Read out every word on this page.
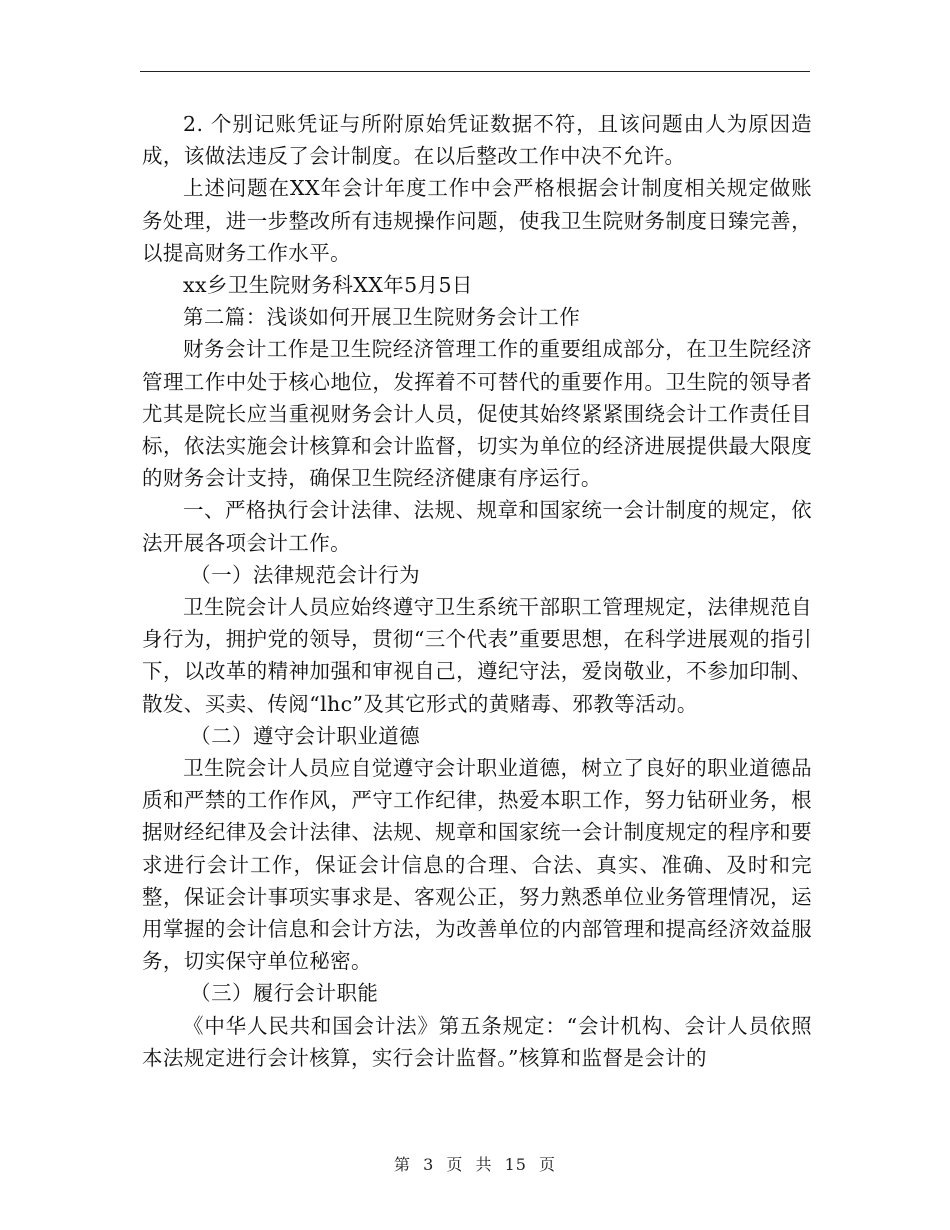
2. 个别记账凭证与所附原始凭证数据不符，且该问题由人为原因造成，该做法违反了会计制度。在以后整改工作中决不允许。

上述问题在XX年会计年度工作中会严格根据会计制度相关规定做账务处理，进一步整改所有违规操作问题，使我卫生院财务制度日臻完善，以提高财务工作水平。

xx乡卫生院财务科XX年5月5日

第二篇：浅谈如何开展卫生院财务会计工作

财务会计工作是卫生院经济管理工作的重要组成部分，在卫生院经济管理工作中处于核心地位，发挥着不可替代的重要作用。卫生院的领导者尤其是院长应当重视财务会计人员，促使其始终紧紧围绕会计工作责任目标，依法实施会计核算和会计监督，切实为单位的经济进展提供最大限度的财务会计支持，确保卫生院经济健康有序运行。

一、严格执行会计法律、法规、规章和国家统一会计制度的规定，依法开展各项会计工作。

（一）法律规范会计行为

卫生院会计人员应始终遵守卫生系统干部职工管理规定，法律规范自身行为，拥护党的领导，贯彻“三个代表”重要思想，在科学进展观的指引下，以改革的精神加强和审视自己，遵纪守法，爱岗敬业，不参加印制、散发、买卖、传阅“lhc”及其它形式的黄赌毒、邪教等活动。

（二）遵守会计职业道德

卫生院会计人员应自觉遵守会计职业道德，树立了良好的职业道德品质和严禁的工作作风，严守工作纪律，热爱本职工作，努力钻研业务，根据财经纪律及会计法律、法规、规章和国家统一会计制度规定的程序和要求进行会计工作，保证会计信息的合理、合法、真实、准确、及时和完整，保证会计事项实事求是、客观公正，努力熟悉单位业务管理情况，运用掌握的会计信息和会计方法，为改善单位的内部管理和提高经济效益服务，切实保守单位秘密。

（三）履行会计职能

《中华人民共和国会计法》第五条规定：“会计机构、会计人员依照本法规定进行会计核算，实行会计监督。”核算和监督是会计的

第 3 页 共 15 页
